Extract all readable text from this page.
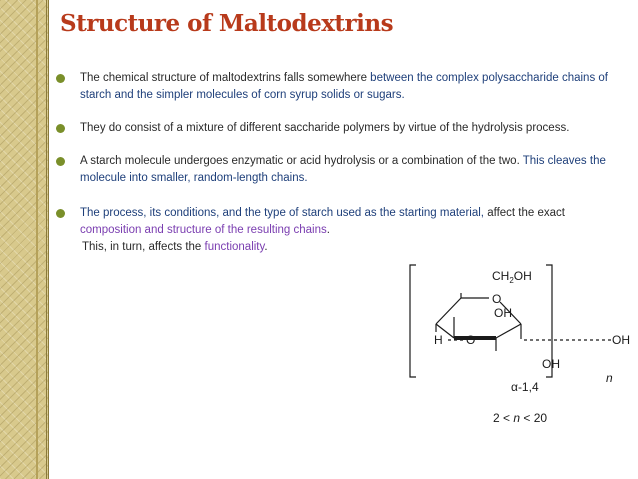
Structure of Maltodextrins
The chemical structure of maltodextrins falls somewhere between the complex polysaccharide chains of starch and the simpler molecules of corn syrup solids or sugars.
They do consist of a mixture of different saccharide polymers by virtue of the hydrolysis process.
A starch molecule undergoes enzymatic or acid hydrolysis or a combination of the two. This cleaves the molecule into smaller, random-length chains.
The process, its conditions, and the type of starch used as the starting material, affect the exact composition and structure of the resulting chains.
This, in turn, affects the functionality.
$CH_2OH$
O
OH
H O	OH
OH
n
α-1,4
2 < n < 20
